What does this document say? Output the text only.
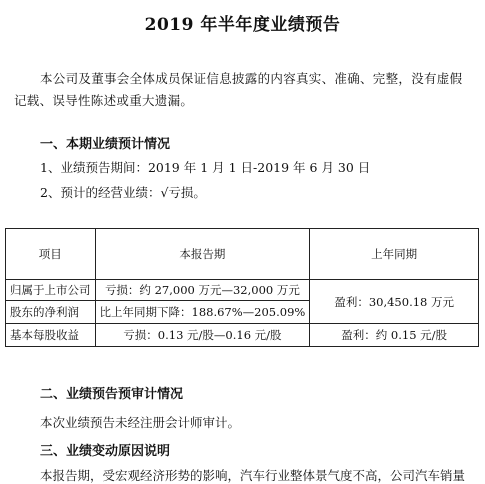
2019 年半年度业绩预告
本公司及董事会全体成员保证信息披露的内容真实、准确、完整，没有虚假记载、误导性陈述或重大遗漏。
一、本期业绩预计情况
1、业绩预告期间：2019 年 1 月 1 日-2019 年 6 月 30 日
2、预计的经营业绩：√亏损。
项目	本报告期	上年同期
归属于上市公司	亏损：约 27,000 万元—32,000 万元	盈利：30,450.18 万元
股东的净利润	比上年同期下降：188.67%—205.09%	
基本每股收益	亏损：0.13 元/股—0.16 元/股	盈利：约 0.15 元/股
二、业绩预告预审计情况
本次业绩预告未经注册会计师审计。
三、业绩变动原因说明
本报告期，受宏观经济形势的影响，汽车行业整体景气度不高，公司汽车销量
